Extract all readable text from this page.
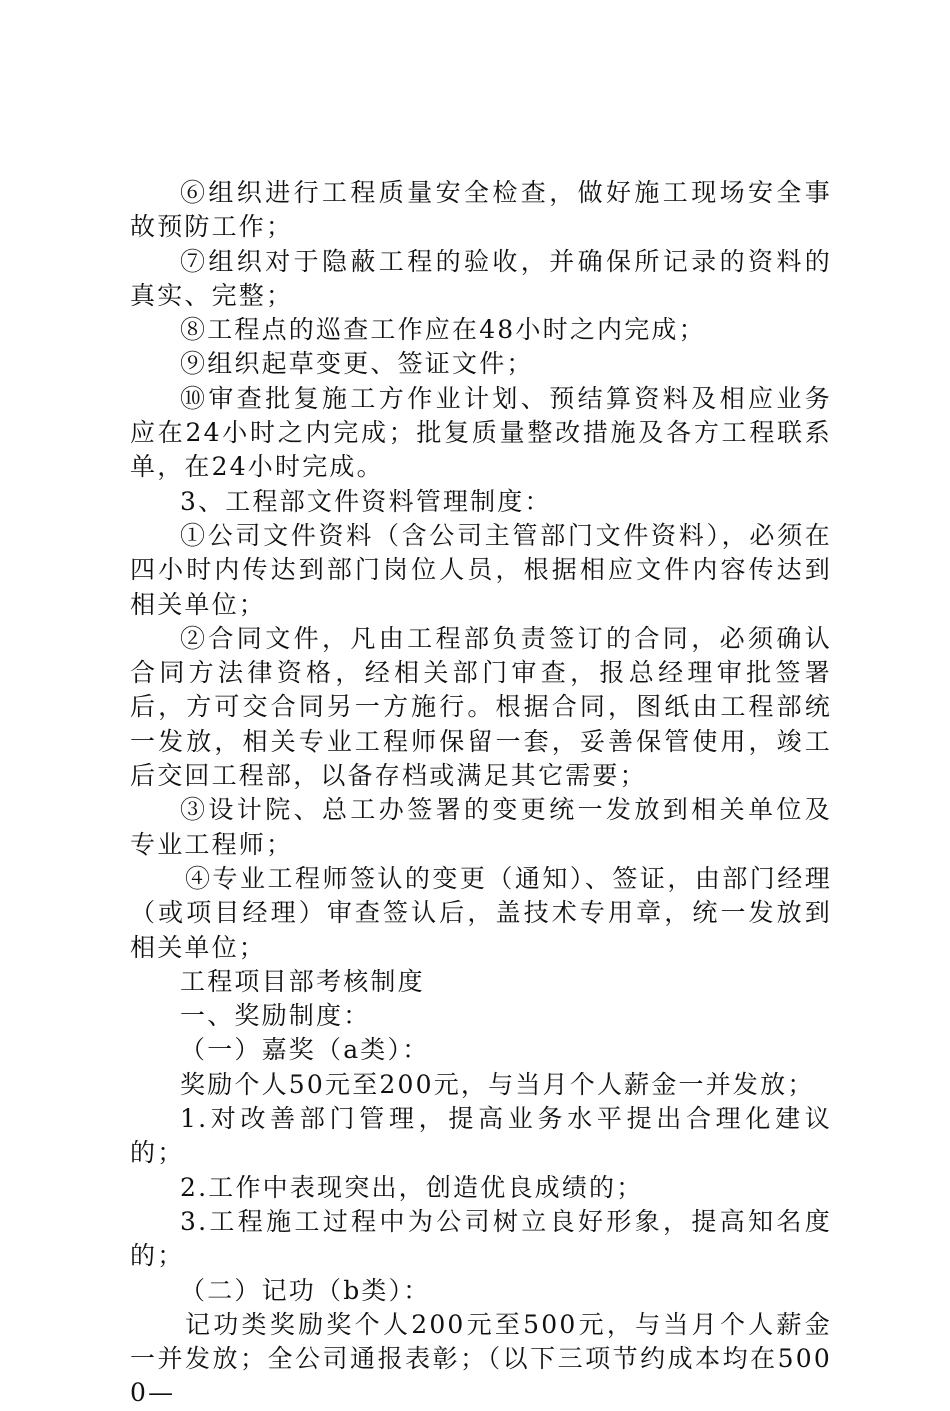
⑥组织进行工程质量安全检查，做好施工现场安全事故预防工作；

⑦组织对于隐蔽工程的验收，并确保所记录的资料的真实、完整；

⑧工程点的巡查工作应在48小时之内完成；

⑨组织起草变更、签证文件；

⑩审查批复施工方作业计划、预结算资料及相应业务应在24小时之内完成；批复质量整改措施及各方工程联系单，在24小时完成。

3、工程部文件资料管理制度：

①公司文件资料（含公司主管部门文件资料），必须在四小时内传达到部门岗位人员，根据相应文件内容传达到相关单位；

②合同文件，凡由工程部负责签订的合同，必须确认合同方法律资格，经相关部门审查，报总经理审批签署后，方可交合同另一方施行。根据合同，图纸由工程部统一发放，相关专业工程师保留一套，妥善保管使用，竣工后交回工程部，以备存档或满足其它需要；

③设计院、总工办签署的变更统一发放到相关单位及专业工程师；

④专业工程师签认的变更（通知）、签证，由部门经理（或项目经理）审查签认后，盖技术专用章，统一发放到相关单位；

工程项目部考核制度

一、奖励制度：

（一）嘉奖（a类）：

奖励个人50元至200元，与当月个人薪金一并发放；

1.对改善部门管理，提高业务水平提出合理化建议的；

2.工作中表现突出，创造优良成绩的；

3.工程施工过程中为公司树立良好形象，提高知名度的；

（二）记功（b类）：

记功类奖励奖个人200元至500元，与当月个人薪金一并发放；全公司通报表彰；（以下三项节约成本均在5000—
